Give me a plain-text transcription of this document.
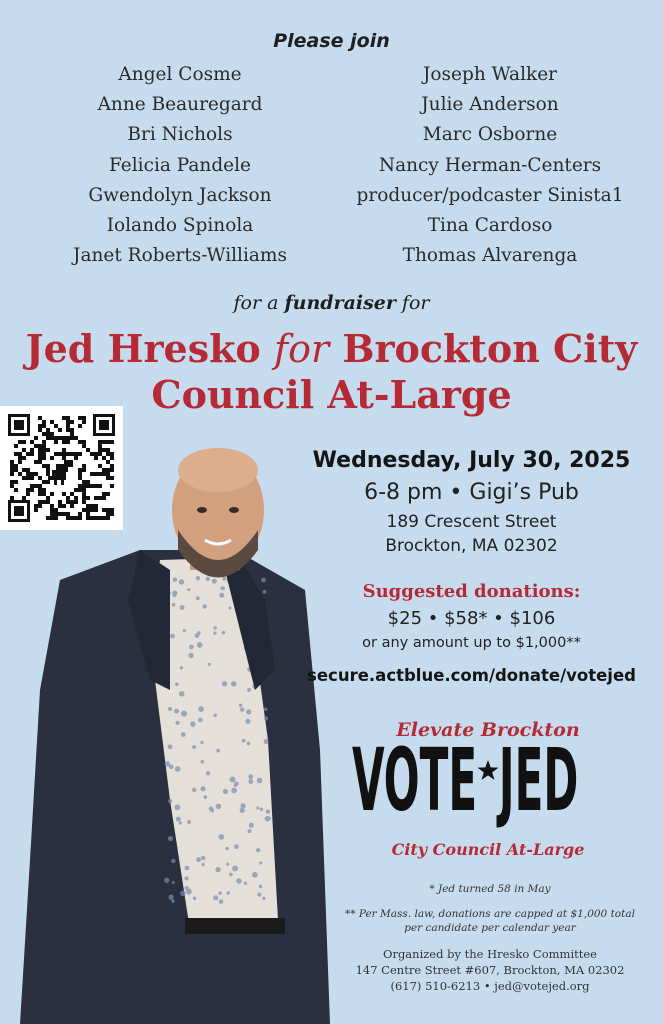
Please join
Angel Cosme
Anne Beauregard
Bri Nichols
Felicia Pandele
Gwendolyn Jackson
Iolando Spinola
Janet Roberts-Williams
Joseph Walker
Julie Anderson
Marc Osborne
Nancy Herman-Centers
producer/podcaster Sinista1
Tina Cardoso
Thomas Alvarenga
for a fundraiser for
Jed Hresko for Brockton City
Council At-Large
Wednesday, July 30, 2025
6-8 pm • Gigi’s Pub
189 Crescent Street
Brockton, MA 02302
Suggested donations:
$25 • $58* • $106
or any amount up to $1,000**
secure.actblue.com/donate/votejed
Elevate Brockton
VOTE JED
City Council At-Large
* Jed turned 58 in May
** Per Mass. law, donations are capped at $1,000 total per candidate per calendar year
Organized by the Hresko Committee
147 Centre Street #607, Brockton, MA 02302
(617) 510-6213 • jed@votejed.org
